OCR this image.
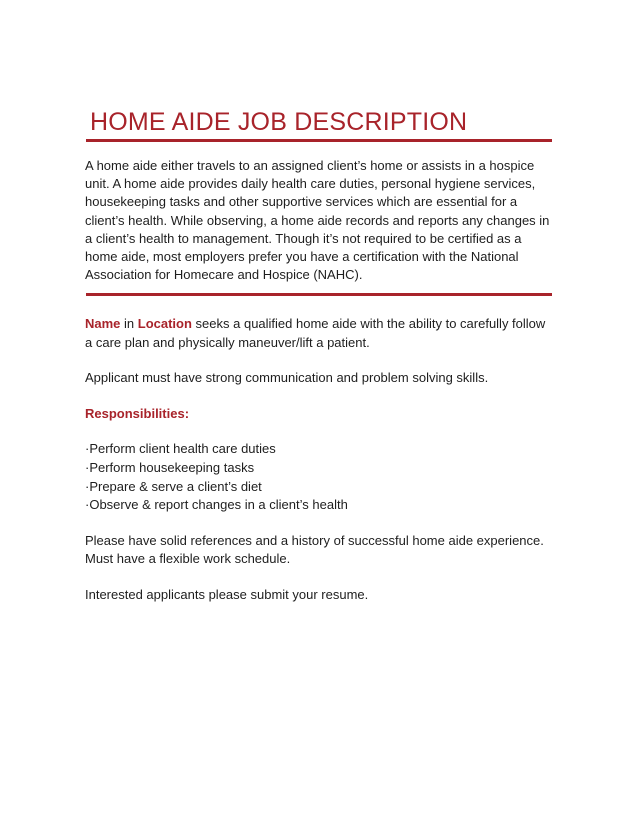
HOME AIDE JOB DESCRIPTION

A home aide either travels to an assigned client’s home or assists in a hospice unit. A home aide provides daily health care duties, personal hygiene services, housekeeping tasks and other supportive services which are essential for a client’s health. While observing, a home aide records and reports any changes in a client’s health to management. Though it’s not required to be certified as a home aide, most employers prefer you have a certification with the National Association for Homecare and Hospice (NAHC).

Name in Location seeks a qualified home aide with the ability to carefully follow a care plan and physically maneuver/lift a patient.

Applicant must have strong communication and problem solving skills.

Responsibilities:
·Perform client health care duties
·Perform housekeeping tasks
·Prepare & serve a client’s diet
·Observe & report changes in a client’s health

Please have solid references and a history of successful home aide experience. Must have a flexible work schedule.

Interested applicants please submit your resume.
